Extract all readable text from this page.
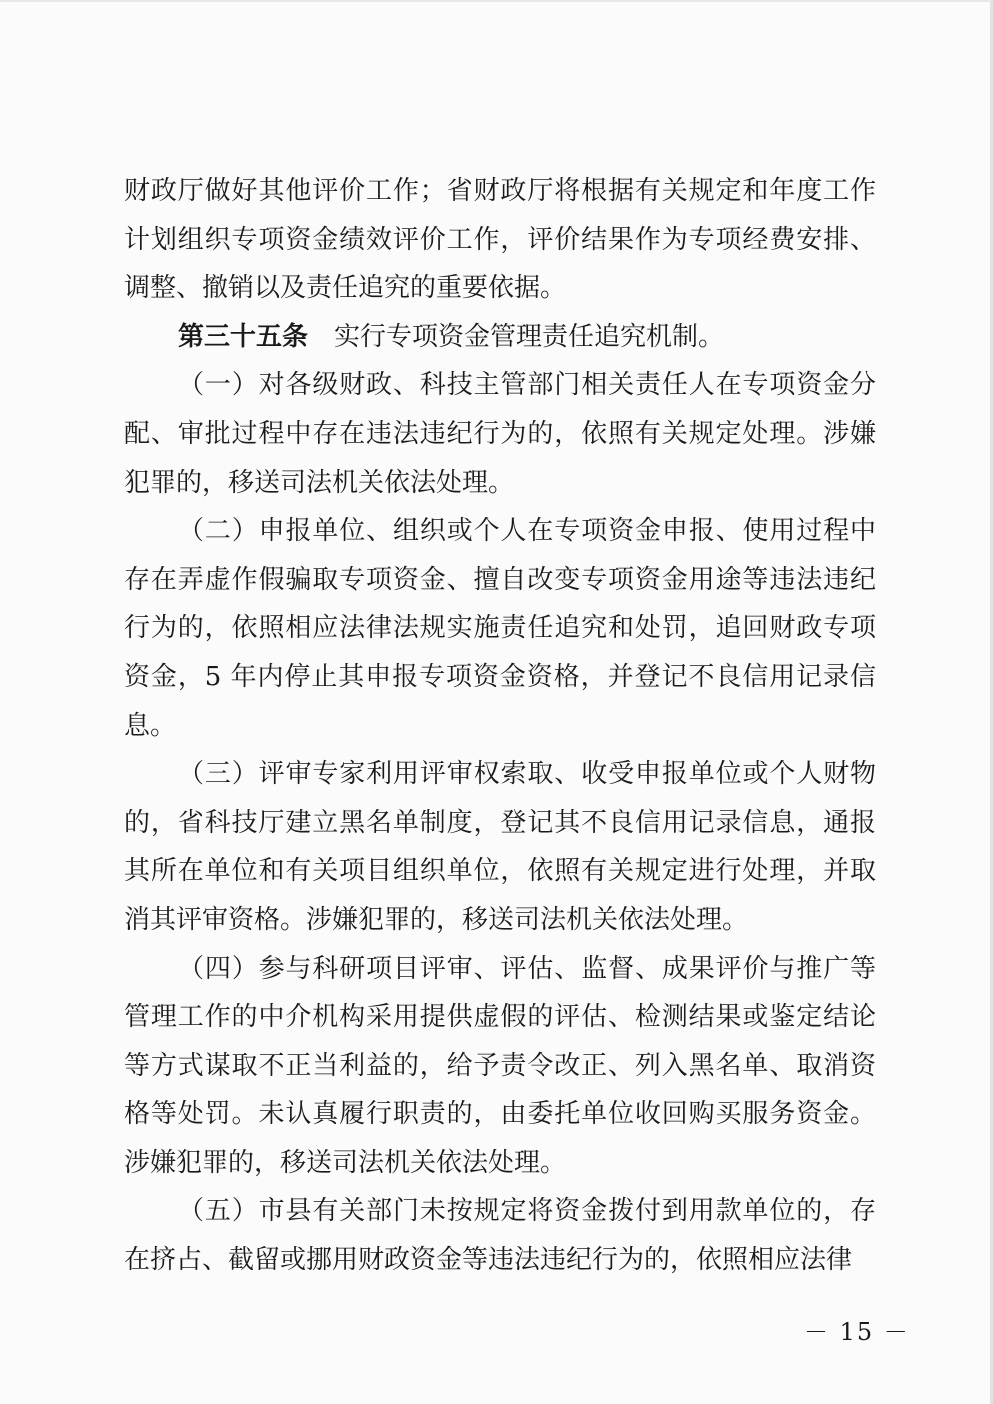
财政厅做好其他评价工作；省财政厅将根据有关规定和年度工作计划组织专项资金绩效评价工作，评价结果作为专项经费安排、调整、撤销以及责任追究的重要依据。

第三十五条 实行专项资金管理责任追究机制。

（一）对各级财政、科技主管部门相关责任人在专项资金分配、审批过程中存在违法违纪行为的，依照有关规定处理。涉嫌犯罪的，移送司法机关依法处理。

（二）申报单位、组织或个人在专项资金申报、使用过程中存在弄虚作假骗取专项资金、擅自改变专项资金用途等违法违纪行为的，依照相应法律法规实施责任追究和处罚，追回财政专项资金，5 年内停止其申报专项资金资格，并登记不良信用记录信息。

（三）评审专家利用评审权索取、收受申报单位或个人财物的，省科技厅建立黑名单制度，登记其不良信用记录信息，通报其所在单位和有关项目组织单位，依照有关规定进行处理，并取消其评审资格。涉嫌犯罪的，移送司法机关依法处理。

（四）参与科研项目评审、评估、监督、成果评价与推广等管理工作的中介机构采用提供虚假的评估、检测结果或鉴定结论等方式谋取不正当利益的，给予责令改正、列入黑名单、取消资格等处罚。未认真履行职责的，由委托单位收回购买服务资金。涉嫌犯罪的，移送司法机关依法处理。

（五）市县有关部门未按规定将资金拨付到用款单位的，存在挤占、截留或挪用财政资金等违法违纪行为的，依照相应法律

－ 15 －
